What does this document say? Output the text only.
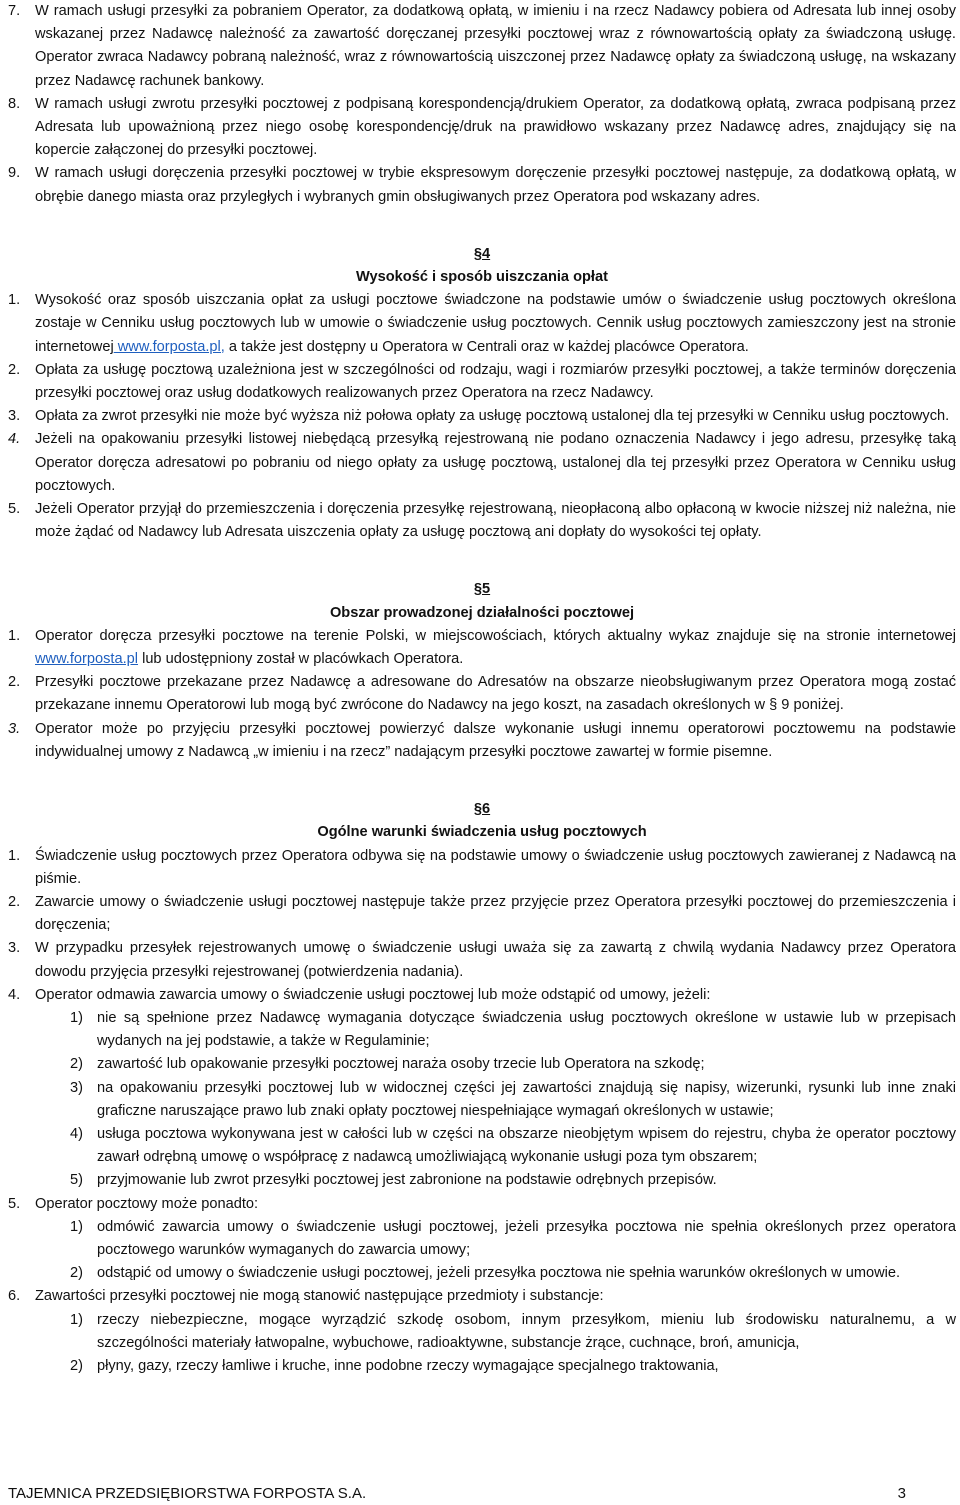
7. W ramach usługi przesyłki za pobraniem Operator, za dodatkową opłatą, w imieniu i na rzecz Nadawcy pobiera od Adresata lub innej osoby wskazanej przez Nadawcę należność za zawartość doręczanej przesyłki pocztowej wraz z równowartością opłaty za świadczoną usługę. Operator zwraca Nadawcy pobraną należność, wraz z równowartością uiszczonej przez Nadawcę opłaty za świadczoną usługę, na wskazany przez Nadawcę rachunek bankowy.

8. W ramach usługi zwrotu przesyłki pocztowej z podpisaną korespondencją/drukiem Operator, za dodatkową opłatą, zwraca podpisaną przez Adresata lub upoważnioną przez niego osobę korespondencję/druk na prawidłowo wskazany przez Nadawcę adres, znajdujący się na kopercie załączonej do przesyłki pocztowej.

9. W ramach usługi doręczenia przesyłki pocztowej w trybie ekspresowym doręczenie przesyłki pocztowej następuje, za dodatkową opłatą, w obrębie danego miasta oraz przyległych i wybranych gmin obsługiwanych przez Operatora pod wskazany adres.

§4
Wysokość i sposób uiszczania opłat
1. Wysokość oraz sposób uiszczania opłat za usługi pocztowe świadczone na podstawie umów o świadczenie usług pocztowych określona zostaje w Cenniku usług pocztowych lub w umowie o świadczenie usług pocztowych. Cennik usług pocztowych zamieszczony jest na stronie internetowej www.forposta.pl, a także jest dostępny u Operatora w Centrali oraz w każdej placówce Operatora.

2. Opłata za usługę pocztową uzależniona jest w szczególności od rodzaju, wagi i rozmiarów przesyłki pocztowej, a także terminów doręczenia przesyłki pocztowej oraz usług dodatkowych realizowanych przez Operatora na rzecz Nadawcy.

3. Opłata za zwrot przesyłki nie może być wyższa niż połowa opłaty za usługę pocztową ustalonej dla tej przesyłki w Cenniku usług pocztowych.

4. Jeżeli na opakowaniu przesyłki listowej niebędącą przesyłką rejestrowaną nie podano oznaczenia Nadawcy i jego adresu, przesyłkę taką Operator doręcza adresatowi po pobraniu od niego opłaty za usługę pocztową, ustalonej dla tej przesyłki przez Operatora w Cenniku usług pocztowych.

5. Jeżeli Operator przyjął do przemieszczenia i doręczenia przesyłkę rejestrowaną, nieopłaconą albo opłaconą w kwocie niższej niż należna, nie może żądać od Nadawcy lub Adresata uiszczenia opłaty za usługę pocztową ani dopłaty do wysokości tej opłaty.

§5
Obszar prowadzonej działalności pocztowej
1. Operator doręcza przesyłki pocztowe na terenie Polski, w miejscowościach, których aktualny wykaz znajduje się na stronie internetowej www.forposta.pl lub udostępniony został w placówkach Operatora.

2. Przesyłki pocztowe przekazane przez Nadawcę a adresowane do Adresatów na obszarze nieobsługiwanym przez Operatora mogą zostać przekazane innemu Operatorowi lub mogą być zwrócone do Nadawcy na jego koszt, na zasadach określonych w § 9 poniżej.

3. Operator może po przyjęciu przesyłki pocztowej powierzyć dalsze wykonanie usługi innemu operatorowi pocztowemu na podstawie indywidualnej umowy z Nadawcą „w imieniu i na rzecz” nadającym przesyłki pocztowe zawartej w formie pisemne.

§6
Ogólne warunki świadczenia usług pocztowych
1. Świadczenie usług pocztowych przez Operatora odbywa się na podstawie umowy o świadczenie usług pocztowych zawieranej z Nadawcą na piśmie.

2. Zawarcie umowy o świadczenie usługi pocztowej następuje także przez przyjęcie przez Operatora przesyłki pocztowej do przemieszczenia i doręczenia;

3. W przypadku przesyłek rejestrowanych umowę o świadczenie usługi uważa się za zawartą z chwilą wydania Nadawcy przez Operatora dowodu przyjęcia przesyłki rejestrowanej (potwierdzenia nadania).

4. Operator odmawia zawarcia umowy o świadczenie usługi pocztowej lub może odstąpić od umowy, jeżeli:

1) nie są spełnione przez Nadawcę wymagania dotyczące świadczenia usług pocztowych określone w ustawie lub w przepisach wydanych na jej podstawie, a także w Regulaminie;

2) zawartość lub opakowanie przesyłki pocztowej naraża osoby trzecie lub Operatora na szkodę;

3) na opakowaniu przesyłki pocztowej lub w widocznej części jej zawartości znajdują się napisy, wizerunki, rysunki lub inne znaki graficzne naruszające prawo lub znaki opłaty pocztowej niespełniające wymagań określonych w ustawie;

4) usługa pocztowa wykonywana jest w całości lub w części na obszarze nieobjętym wpisem do rejestru, chyba że operator pocztowy zawarł odrębną umowę o współpracę z nadawcą umożliwiającą wykonanie usługi poza tym obszarem;

5) przyjmowanie lub zwrot przesyłki pocztowej jest zabronione na podstawie odrębnych przepisów.

5. Operator pocztowy może ponadto:

1) odmówić zawarcia umowy o świadczenie usługi pocztowej, jeżeli przesyłka pocztowa nie spełnia określonych przez operatora pocztowego warunków wymaganych do zawarcia umowy;

2) odstąpić od umowy o świadczenie usługi pocztowej, jeżeli przesyłka pocztowa nie spełnia warunków określonych w umowie.

6. Zawartości przesyłki pocztowej nie mogą stanowić następujące przedmioty i substancje:

1) rzeczy niebezpieczne, mogące wyrządzić szkodę osobom, innym przesyłkom, mieniu lub środowisku naturalnemu, a w szczególności materiały łatwopalne, wybuchowe, radioaktywne, substancje żrące, cuchnące, broń, amunicja,

2) płyny, gazy, rzeczy łamliwe i kruche, inne podobne rzeczy wymagające specjalnego traktowania,

TAJEMNICA PRZEDSIĘBIORSTWA FORPOSTA S.A.	3
